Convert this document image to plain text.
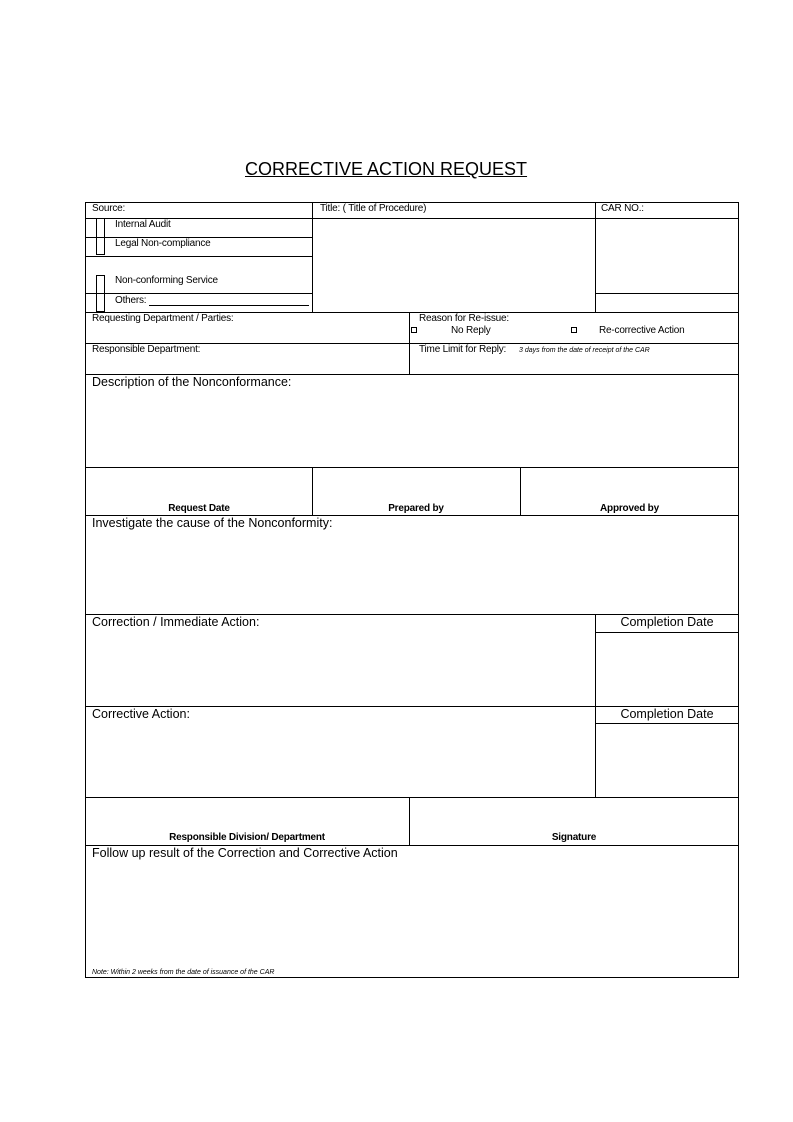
CORRECTIVE ACTION REQUEST
Source:	Title: ( Title of Procedure)	CAR NO.:
Internal Audit
Legal Non-compliance
Non-conforming Service
Others:
Requesting Department / Parties:	Reason for Re-issue:
No Reply	Re-corrective Action
Responsible Department:	Time Limit for Reply: 3 days from the date of receipt of the CAR
Description of the Nonconformance:
Request Date	Prepared by	Approved by
Investigate the cause of the Nonconformity:
Correction / Immediate Action:	Completion Date
Corrective Action:	Completion Date
Responsible Division/ Department	Signature
Follow up result of the Correction and Corrective Action
Note: Within 2 weeks from the date of issuance of the CAR
